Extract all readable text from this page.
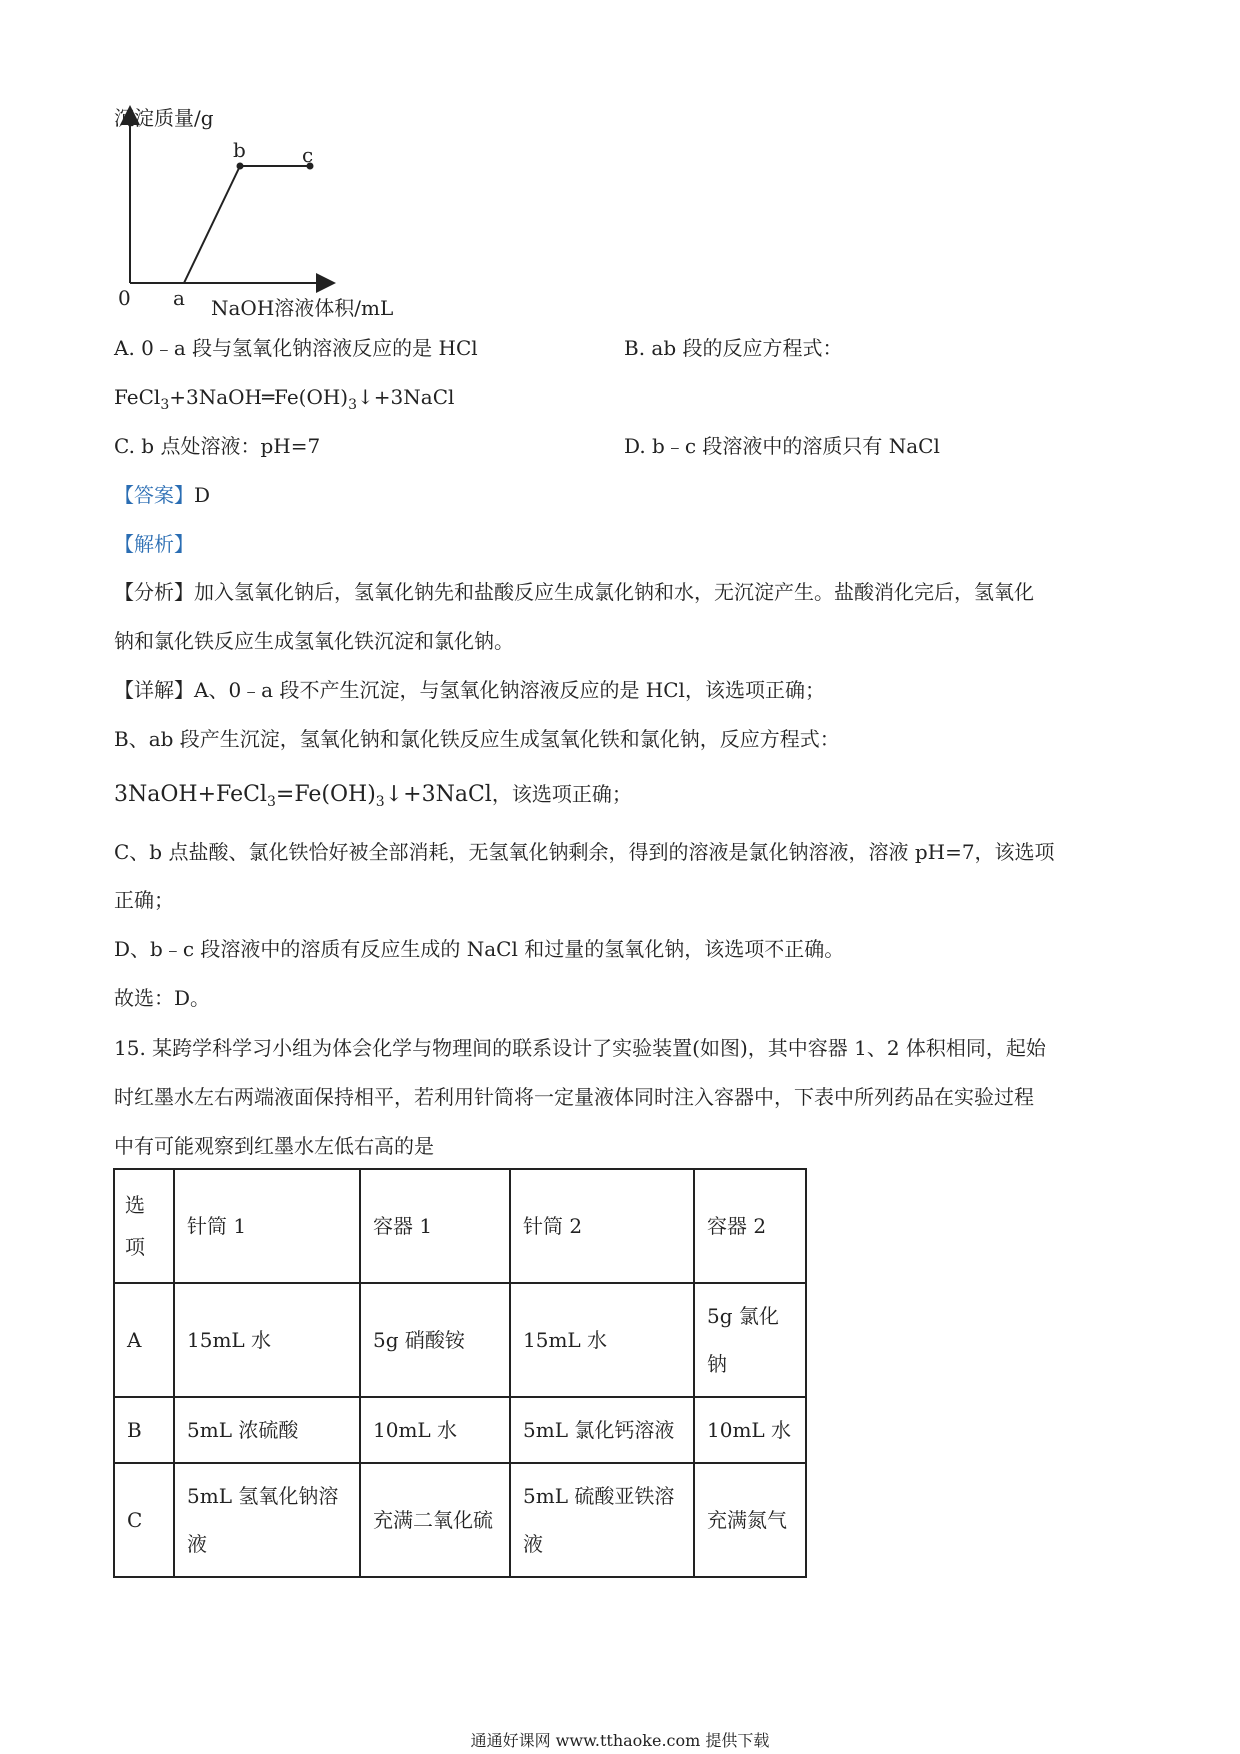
沉淀质量/g
b	c
0 a NaOH溶液体积/mL
A. 0﹣a 段与氢氧化钠溶液反应的是 HCl	B. ab 段的反应方程式：
$FeCl_3+3NaOH═Fe(OH)_3↓+3NaCl$
C. b 点处溶液：pH=7	D. b﹣c 段溶液中的溶质只有 NaCl
【答案】D
【解析】
【分析】加入氢氧化钠后，氢氧化钠先和盐酸反应生成氯化钠和水，无沉淀产生。盐酸消化完后，氢氧化
钠和氯化铁反应生成氢氧化铁沉淀和氯化钠。
【详解】A、0﹣a 段不产生沉淀，与氢氧化钠溶液反应的是 HCl，该选项正确；
B、ab 段产生沉淀，氢氧化钠和氯化铁反应生成氢氧化铁和氯化钠，反应方程式：
$3NaOH+FeCl_3=Fe(OH)_3↓+3NaCl$，该选项正确；
C、b 点盐酸、氯化铁恰好被全部消耗，无氢氧化钠剩余，得到的溶液是氯化钠溶液，溶液 pH=7，该选项
正确；
D、b﹣c 段溶液中的溶质有反应生成的 NaCl 和过量的氢氧化钠，该选项不正确。
故选：D。
15. 某跨学科学习小组为体会化学与物理间的联系设计了实验装置(如图)，其中容器 1、2 体积相同，起始
时红墨水左右两端液面保持相平，若利用针筒将一定量液体同时注入容器中，下表中所列药品在实验过程
中有可能观察到红墨水左低右高的是
选项	针筒 1	容器 1	针筒 2	容器 2
A	15mL 水	5g 硝酸铵	15mL 水	5g 氯化钠
B	5mL 浓硫酸	10mL 水	5mL 氯化钙溶液	10mL 水
C	5mL 氢氧化钠溶液	充满二氧化硫	5mL 硫酸亚铁溶液	充满氮气
通通好课网 www.tthaoke.com 提供下载
